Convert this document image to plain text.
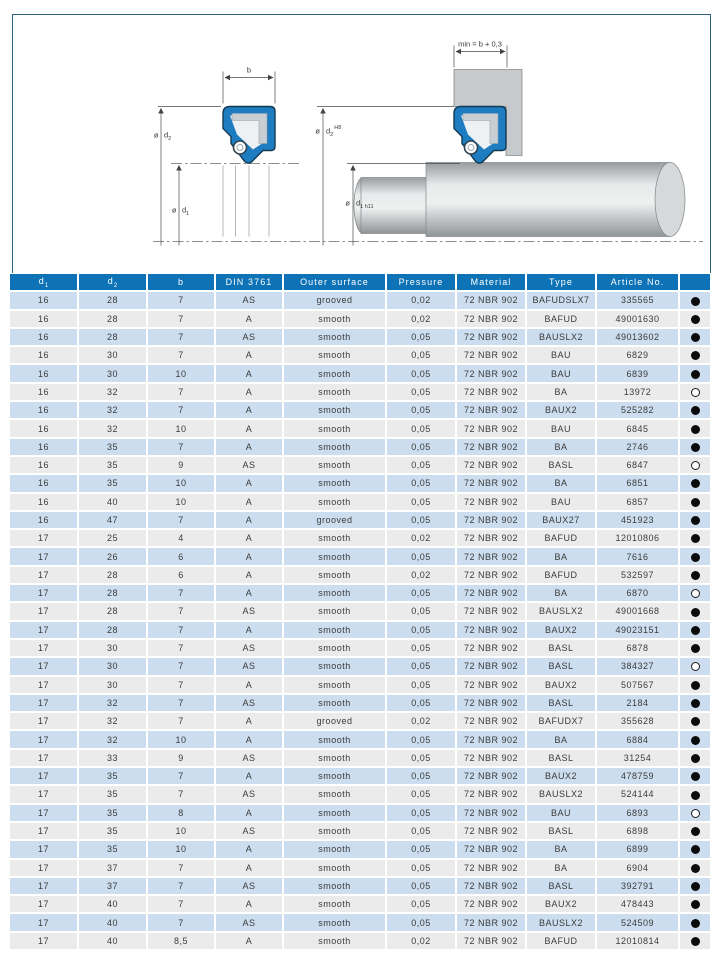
b
ø $d_2$
ø $d_1$
min = b + 0,3
ø $d_2^{H8}$
ø $d_1$ h11
$d_1$	$d_2$	b	DIN 3761	Outer surface	Pressure	Material	Type	Article No.	
16	28	7	AS	grooved	0,02	72 NBR 902	BAFUDSLX7	335565	
16	28	7	A	smooth	0,02	72 NBR 902	BAFUD	49001630	
16	28	7	AS	smooth	0,05	72 NBR 902	BAUSLX2	49013602	
16	30	7	A	smooth	0,05	72 NBR 902	BAU	6829	
16	30	10	A	smooth	0,05	72 NBR 902	BAU	6839	
16	32	7	A	smooth	0,05	72 NBR 902	BA	13972	
16	32	7	A	smooth	0,05	72 NBR 902	BAUX2	525282	
16	32	10	A	smooth	0,05	72 NBR 902	BAU	6845	
16	35	7	A	smooth	0,05	72 NBR 902	BA	2746	
16	35	9	AS	smooth	0,05	72 NBR 902	BASL	6847	
16	35	10	A	smooth	0,05	72 NBR 902	BA	6851	
16	40	10	A	smooth	0,05	72 NBR 902	BAU	6857	
16	47	7	A	grooved	0,05	72 NBR 902	BAUX27	451923	
17	25	4	A	smooth	0,02	72 NBR 902	BAFUD	12010806	
17	26	6	A	smooth	0,05	72 NBR 902	BA	7616	
17	28	6	A	smooth	0,02	72 NBR 902	BAFUD	532597	
17	28	7	A	smooth	0,05	72 NBR 902	BA	6870	
17	28	7	AS	smooth	0,05	72 NBR 902	BAUSLX2	49001668	
17	28	7	A	smooth	0,05	72 NBR 902	BAUX2	49023151	
17	30	7	AS	smooth	0,05	72 NBR 902	BASL	6878	
17	30	7	AS	smooth	0,05	72 NBR 902	BASL	384327	
17	30	7	A	smooth	0,05	72 NBR 902	BAUX2	507567	
17	32	7	AS	smooth	0,05	72 NBR 902	BASL	2184	
17	32	7	A	grooved	0,02	72 NBR 902	BAFUDX7	355628	
17	32	10	A	smooth	0,05	72 NBR 902	BA	6884	
17	33	9	AS	smooth	0,05	72 NBR 902	BASL	31254	
17	35	7	A	smooth	0,05	72 NBR 902	BAUX2	478759	
17	35	7	AS	smooth	0,05	72 NBR 902	BAUSLX2	524144	
17	35	8	A	smooth	0,05	72 NBR 902	BAU	6893	
17	35	10	AS	smooth	0,05	72 NBR 902	BASL	6898	
17	35	10	A	smooth	0,05	72 NBR 902	BA	6899	
17	37	7	A	smooth	0,05	72 NBR 902	BA	6904	
17	37	7	AS	smooth	0,05	72 NBR 902	BASL	392791	
17	40	7	A	smooth	0,05	72 NBR 902	BAUX2	478443	
17	40	7	AS	smooth	0,05	72 NBR 902	BAUSLX2	524509	
17	40	8,5	A	smooth	0,02	72 NBR 902	BAFUD	12010814	
